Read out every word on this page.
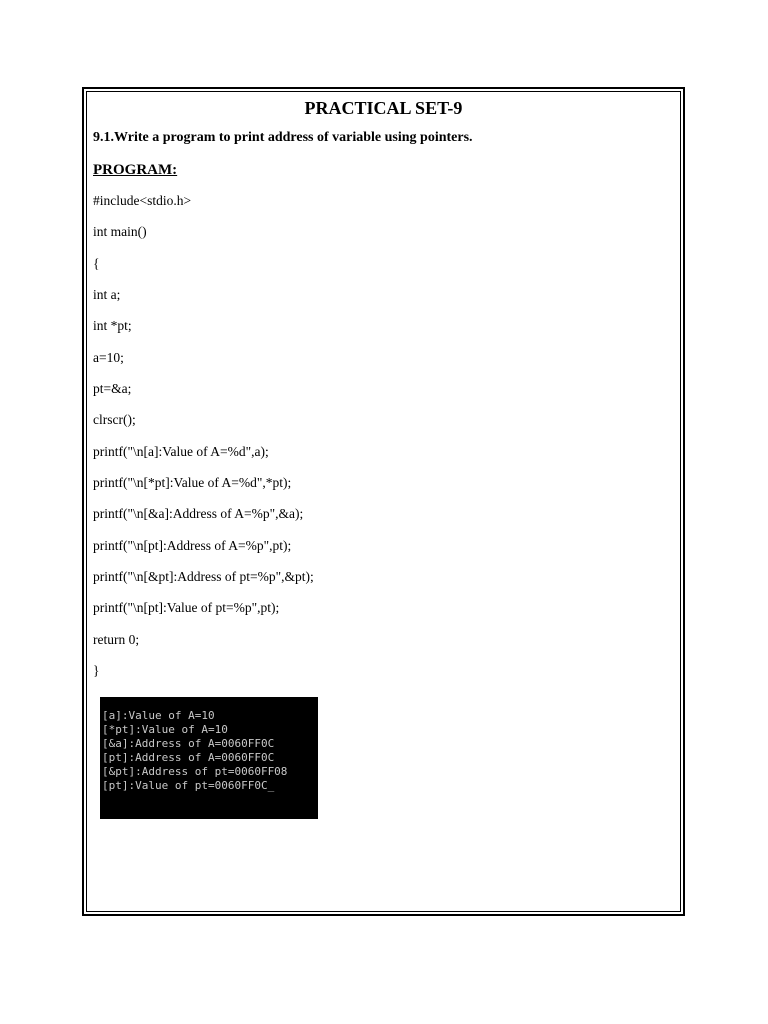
PRACTICAL SET-9

9.1.Write a program to print address of variable using pointers.

PROGRAM:

#include<stdio.h>
int main()
{
int a;
int *pt;
a=10;
pt=&a;
clrscr();
printf("\n[a]:Value of A=%d",a);
printf("\n[*pt]:Value of A=%d",*pt);
printf("\n[&a]:Address of A=%p",&a);
printf("\n[pt]:Address of A=%p",pt);
printf("\n[&pt]:Address of pt=%p",&pt);
printf("\n[pt]:Value of pt=%p",pt);
return 0;
}
[a]:Value of A=10
[*pt]:Value of A=10
[&a]:Address of A=0060FF0C
[pt]:Address of A=0060FF0C
[&pt]:Address of pt=0060FF08
[pt]:Value of pt=0060FF0C_
